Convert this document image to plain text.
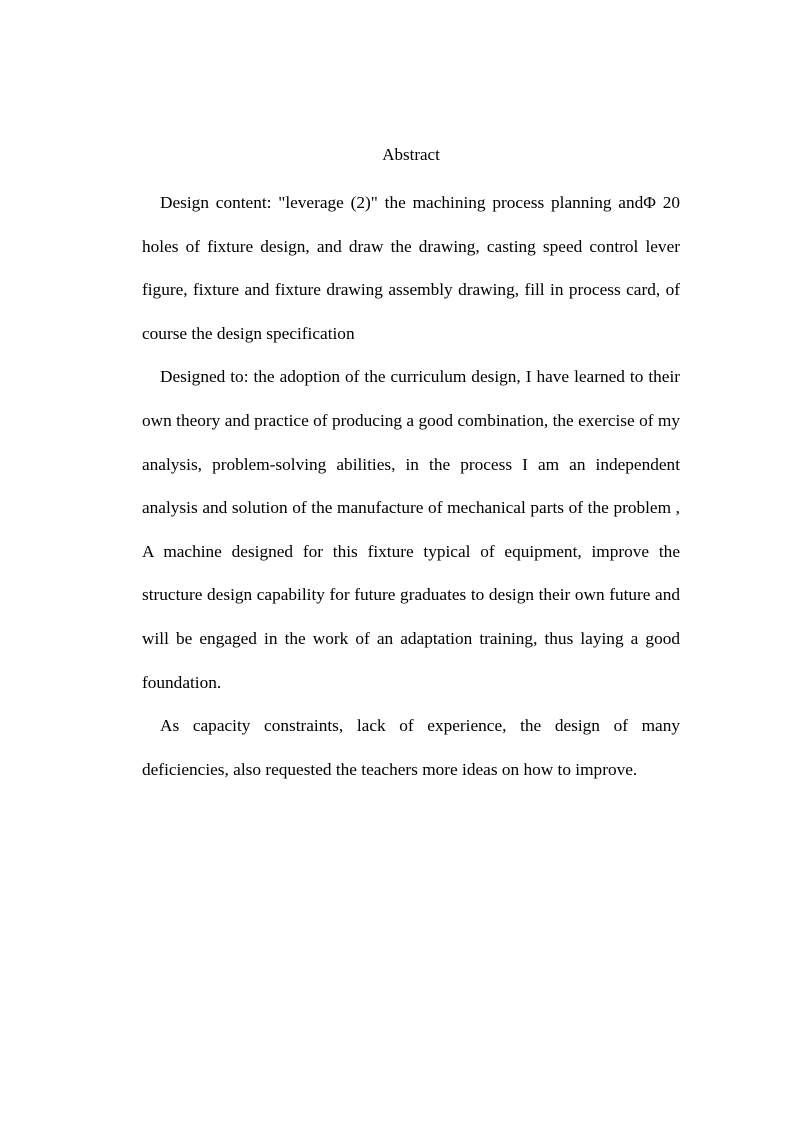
Abstract

Design content: "leverage (2)" the machining process planning andΦ 20 holes of fixture design, and draw the drawing, casting speed control lever figure, fixture and fixture drawing assembly drawing, fill in process card, of course the design specification

Designed to: the adoption of the curriculum design, I have learned to their own theory and practice of producing a good combination, the exercise of my analysis, problem-solving abilities, in the process I am an independent analysis and solution of the manufacture of mechanical parts of the problem , A machine designed for this fixture typical of equipment, improve the structure design capability for future graduates to design their own future and will be engaged in the work of an adaptation training, thus laying a good foundation.

As capacity constraints, lack of experience, the design of many deficiencies, also requested the teachers more ideas on how to improve.
